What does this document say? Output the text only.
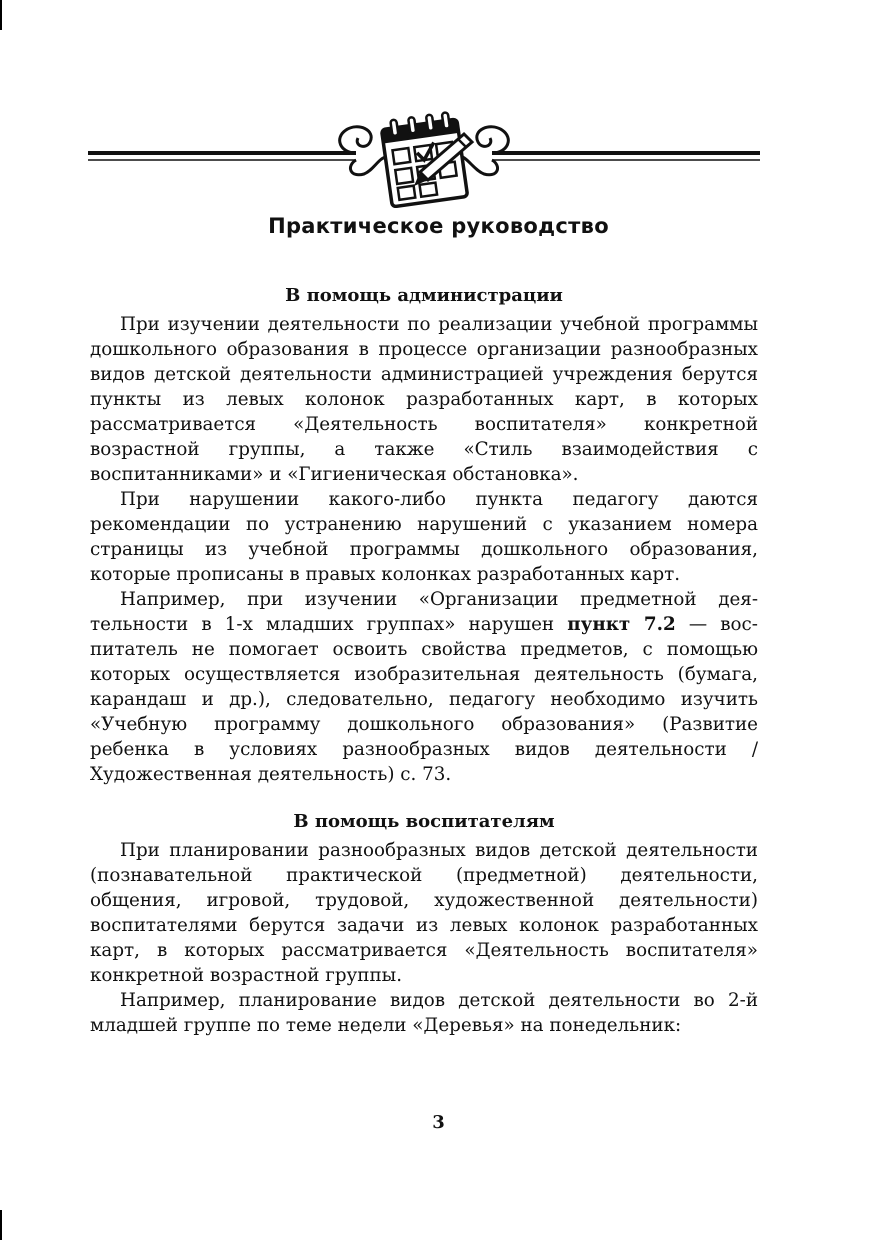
Практическое руководство
В помощь администрации

При изучении деятельности по реализации учебной программы дошкольного образования в процессе организации разнообразных видов детской деятельности администрацией учреждения берутся пункты из левых колонок разработанных карт, в которых рассматривается «Деятельность воспитателя» конкретной возрастной группы, а также «Стиль взаимодействия с воспитанниками» и «Гигиеническая обстановка».

При нарушении какого-либо пункта педагогу даются рекомендации по устранению нарушений с указанием номера страницы из учебной программы дошкольного образования, которые прописаны в правых колонках разработанных карт.

Например, при изучении «Организации предметной деятельности в 1-х младших группах» нарушен пункт 7.2 — воспитатель не помогает освоить свойства предметов, с помощью которых осуществляется изобразительная деятельность (бумага, карандаш и др.), следовательно, педагогу необходимо изучить «Учебную программу дошкольного образования» (Развитие ребенка в условиях разнообразных видов деятельности / Художественная деятельность) с. 73.

В помощь воспитателям

При планировании разнообразных видов детской деятельности (познавательной практической (предметной) деятельности, общения, игровой, трудовой, художественной деятельности) воспитателями берутся задачи из левых колонок разработанных карт, в которых рассматривается «Деятельность воспитателя» конкретной возрастной группы.

Например, планирование видов детской деятельности во 2-й младшей группе по теме недели «Деревья» на понедельник:

3
